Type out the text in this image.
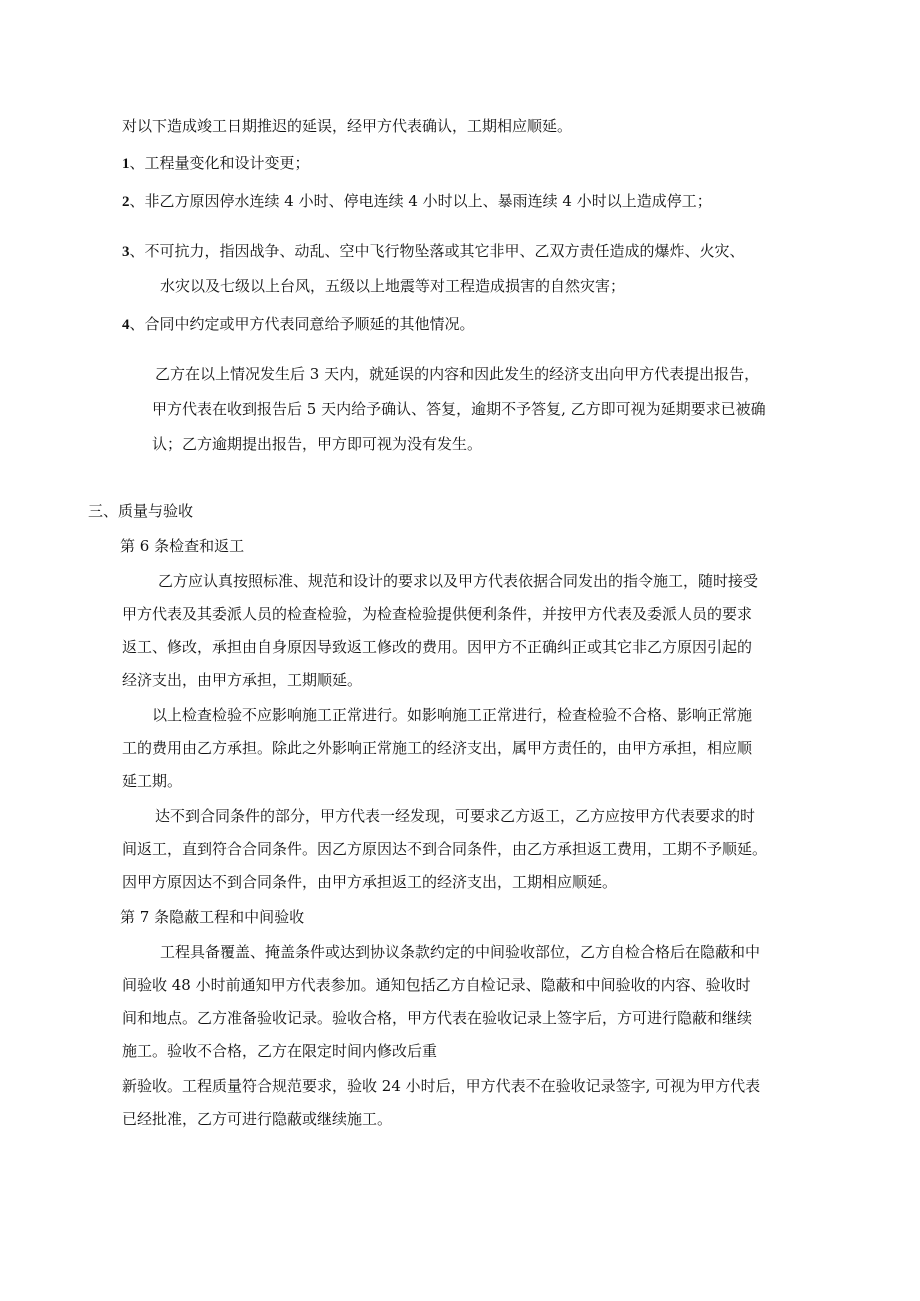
对以下造成竣工日期推迟的延误，经甲方代表确认，工期相应顺延。
1、工程量变化和设计变更；
2、非乙方原因停水连续 4 小时、停电连续 4 小时以上、暴雨连续 4 小时以上造成停工；
3、不可抗力，指因战争、动乱、空中飞行物坠落或其它非甲、乙双方责任造成的爆炸、火灾、
水灾以及七级以上台风，五级以上地震等对工程造成损害的自然灾害；
4、合同中约定或甲方代表同意给予顺延的其他情况。
乙方在以上情况发生后 3 天内，就延误的内容和因此发生的经济支出向甲方代表提出报告，
甲方代表在收到报告后 5 天内给予确认、答复，逾期不予答复, 乙方即可视为延期要求已被确
认；乙方逾期提出报告，甲方即可视为没有发生。
三、质量与验收
第 6 条检查和返工
乙方应认真按照标准、规范和设计的要求以及甲方代表依据合同发出的指令施工，随时接受
甲方代表及其委派人员的检查检验，为检查检验提供便利条件，并按甲方代表及委派人员的要求
返工、修改，承担由自身原因导致返工修改的费用。因甲方不正确纠正或其它非乙方原因引起的
经济支出，由甲方承担，工期顺延。
以上检查检验不应影响施工正常进行。如影响施工正常进行，检查检验不合格、影响正常施
工的费用由乙方承担。除此之外影响正常施工的经济支出，属甲方责任的，由甲方承担，相应顺
延工期。
达不到合同条件的部分，甲方代表一经发现，可要求乙方返工，乙方应按甲方代表要求的时
间返工，直到符合合同条件。因乙方原因达不到合同条件，由乙方承担返工费用，工期不予顺延。
因甲方原因达不到合同条件，由甲方承担返工的经济支出，工期相应顺延。
第 7 条隐蔽工程和中间验收
工程具备覆盖、掩盖条件或达到协议条款约定的中间验收部位，乙方自检合格后在隐蔽和中
间验收 48 小时前通知甲方代表参加。通知包括乙方自检记录、隐蔽和中间验收的内容、验收时
间和地点。乙方准备验收记录。验收合格，甲方代表在验收记录上签字后，方可进行隐蔽和继续
施工。验收不合格，乙方在限定时间内修改后重
新验收。工程质量符合规范要求，验收 24 小时后，甲方代表不在验收记录签字, 可视为甲方代表
已经批准，乙方可进行隐蔽或继续施工。
